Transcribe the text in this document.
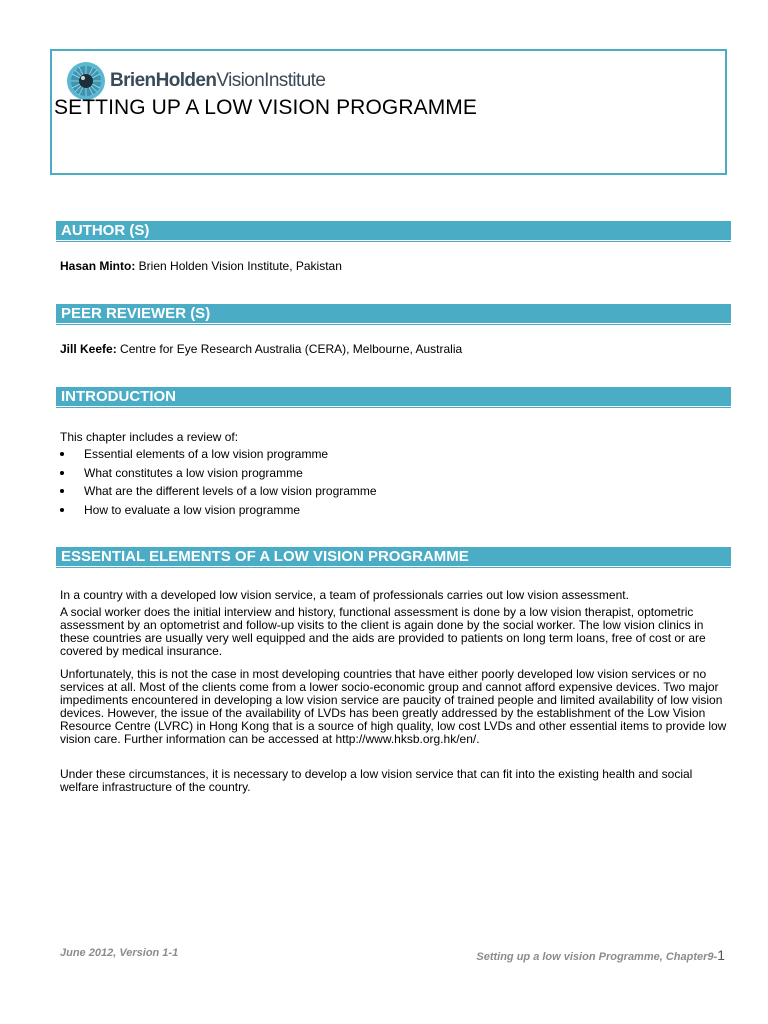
BrienHoldenVisionInstitute
SETTING UP A LOW VISION PROGRAMME
AUTHOR (S)
Hasan Minto: Brien Holden Vision Institute, Pakistan
PEER REVIEWER (S)
Jill Keefe: Centre for Eye Research Australia (CERA), Melbourne, Australia
INTRODUCTION
This chapter includes a review of:
Essential elements of a low vision programme
What constitutes a low vision programme
What are the different levels of a low vision programme
How to evaluate a low vision programme
ESSENTIAL ELEMENTS OF A LOW VISION PROGRAMME

In a country with a developed low vision service, a team of professionals carries out low vision assessment.

A social worker does the initial interview and history, functional assessment is done by a low vision therapist, optometric assessment by an optometrist and follow-up visits to the client is again done by the social worker. The low vision clinics in these countries are usually very well equipped and the aids are provided to patients on long term loans, free of cost or are covered by medical insurance.

Unfortunately, this is not the case in most developing countries that have either poorly developed low vision services or no services at all. Most of the clients come from a lower socio-economic group and cannot afford expensive devices. Two major impediments encountered in developing a low vision service are paucity of trained people and limited availability of low vision devices. However, the issue of the availability of LVDs has been greatly addressed by the establishment of the Low Vision Resource Centre (LVRC) in Hong Kong that is a source of high quality, low cost LVDs and other essential items to provide low vision care. Further information can be accessed at http://www.hksb.org.hk/en/.

Under these circumstances, it is necessary to develop a low vision service that can fit into the existing health and social welfare infrastructure of the country.

June 2012, Version 1-1	Setting up a low vision Programme, Chapter9-1
